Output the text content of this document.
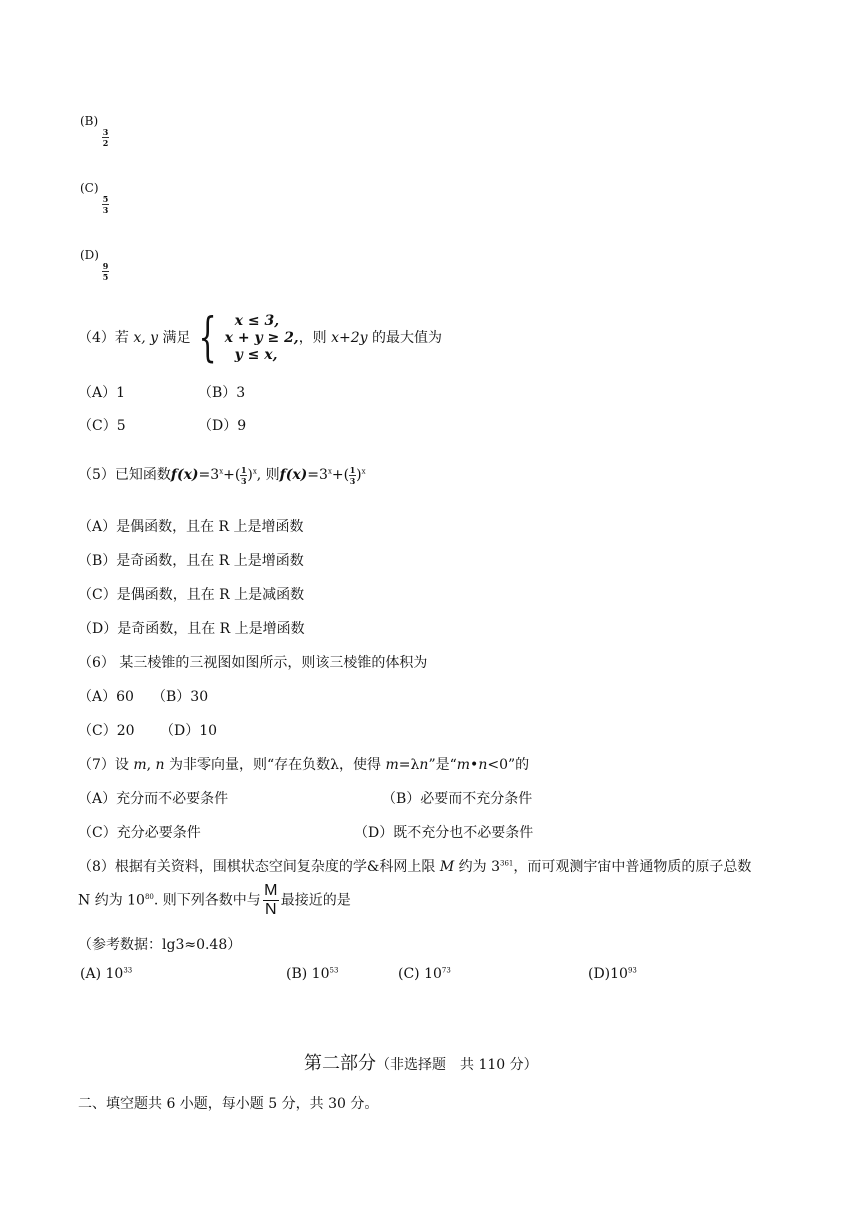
(B)
$\frac{3}{2}$
(C)
$\frac{5}{3}$
(D)
$\frac{9}{5}$
（4）若 x, y 满足 {	x ≤ 3,
x + y ≥ 2,
y ≤ x,
，则 x+2y 的最大值为
（A）1	（B）3
（C）5	（D）9
（5）已知函数$f(x)=3^x+( \frac{1}{3} )^x$, 则$f(x)=3^x+( \frac{1}{3} )^x$
（A）是偶函数，且在 R 上是增函数
（B）是奇函数，且在 R 上是增函数
（C）是偶函数，且在 R 上是减函数
（D）是奇函数，且在 R 上是增函数
（6） 某三棱锥的三视图如图所示，则该三棱锥的体积为
（A）60 （B）30
（C）20 （D）10
（7）设 m, n 为非零向量，则“存在负数λ，使得 m=λn”是“m•n<0”的
（A）充分而不必要条件	（B）必要而不充分条件
（C）充分必要条件	（D）既不充分也不必要条件
（8）根据有关资料，围棋状态空间复杂度的学&科网上限 M 约为 $3^{361}$，而可观测宇宙中普通物质的原子总数
N 约为 $10^{80}$. 则下列各数中与 $\frac{M}{N}$ 最接近的是
（参考数据：lg3≈0.48）
(A) $10^{33}$	(B) $10^{53}$	(C) $10^{73}$	$(D)10^{93}$
第二部分（非选择题　共 110 分）
二、填空题共 6 小题，每小题 5 分，共 30 分。
